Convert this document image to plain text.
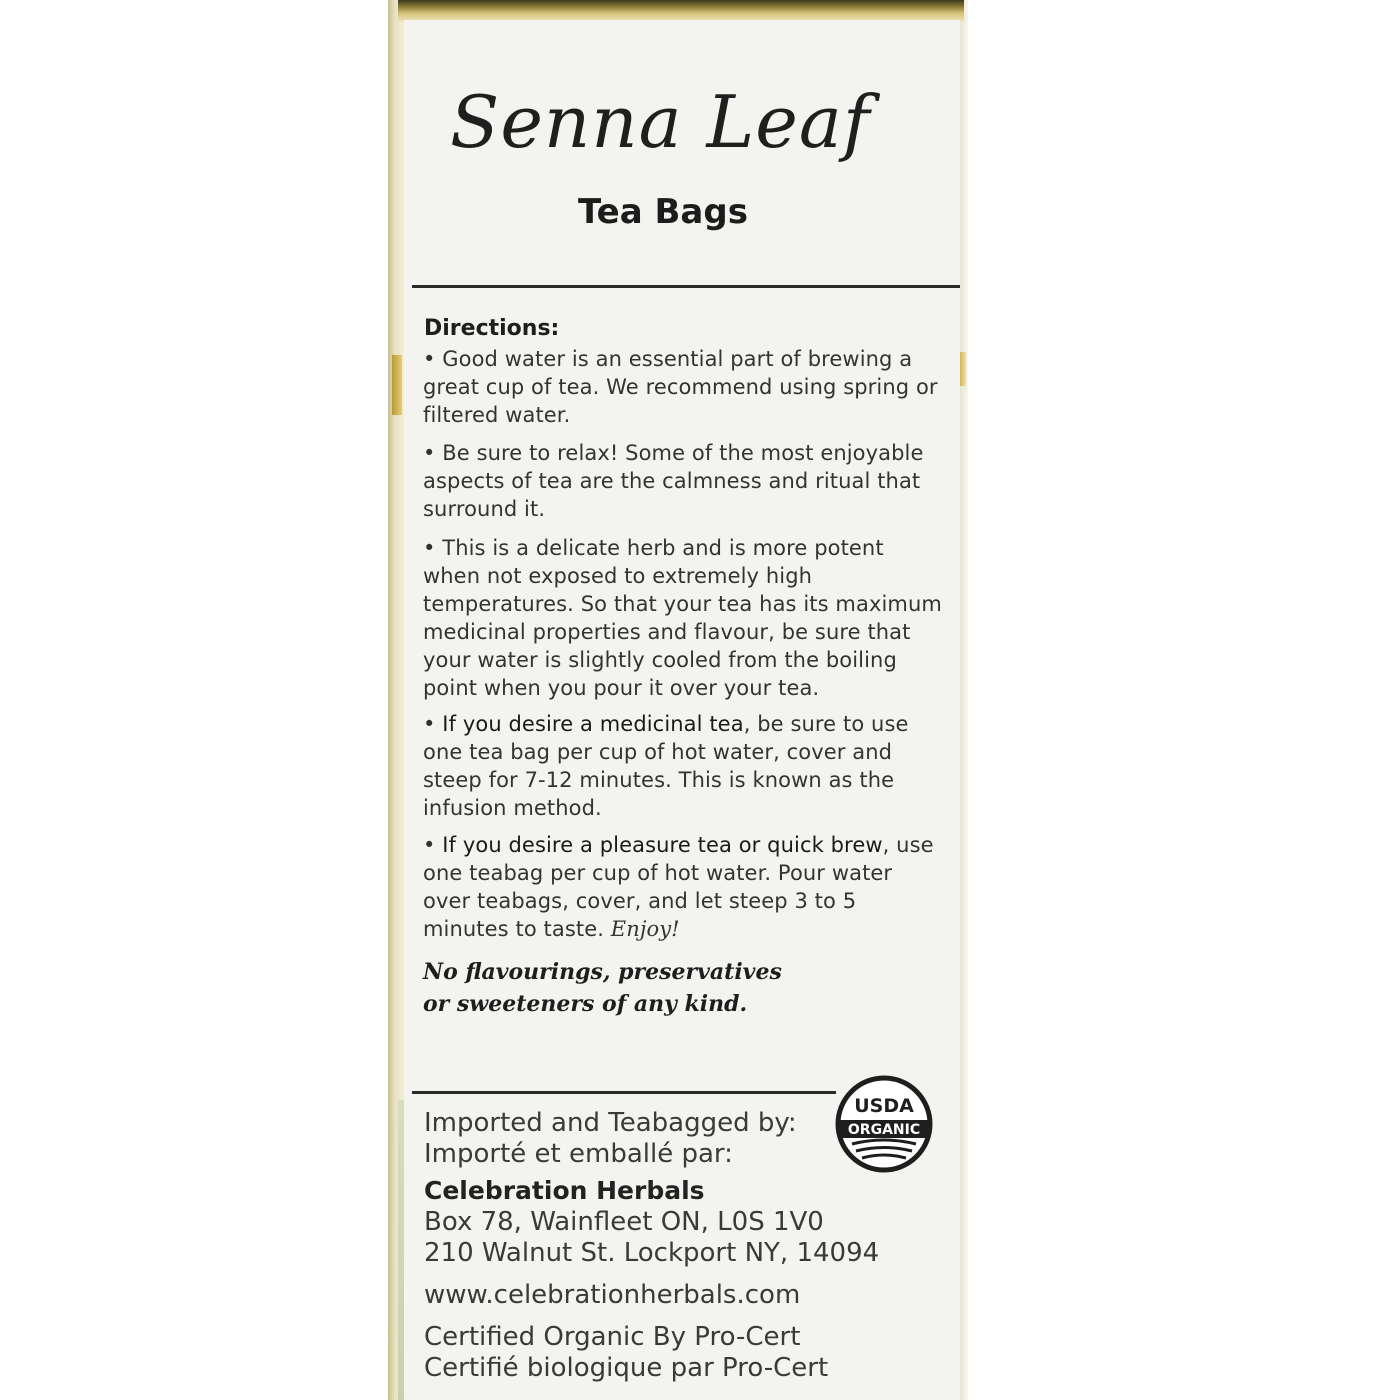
Senna Leaf
Tea Bags
Directions:
• Good water is an essential part of brewing a great cup of tea. We recommend using spring or filtered water.
• Be sure to relax! Some of the most enjoyable aspects of tea are the calmness and ritual that surround it.
• This is a delicate herb and is more potent when not exposed to extremely high temperatures. So that your tea has its maximum medicinal properties and flavour, be sure that your water is slightly cooled from the boiling point when you pour it over your tea.
• If you desire a medicinal tea, be sure to use one tea bag per cup of hot water, cover and steep for 7-12 minutes. This is known as the infusion method.
• If you desire a pleasure tea or quick brew, use one teabag per cup of hot water. Pour water over teabags, cover, and let steep 3 to 5 minutes to taste. Enjoy!
No flavourings, preservatives
or sweeteners of any kind.
USDA
ORGANIC
Imported and Teabagged by:
Importé et emballé par:
Celebration Herbals
Box 78, Wainfleet ON, L0S 1V0
210 Walnut St. Lockport NY, 14094
www.celebrationherbals.com
Certified Organic By Pro-Cert
Certifié biologique par Pro-Cert
